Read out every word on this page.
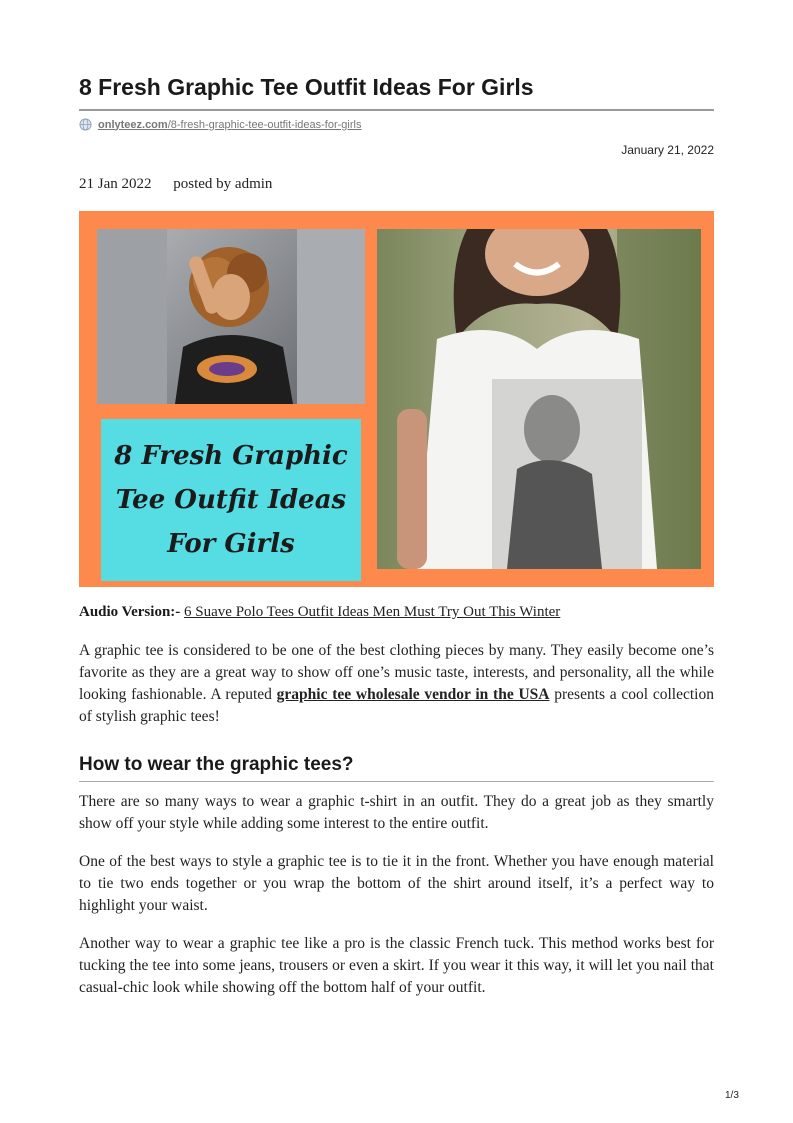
8 Fresh Graphic Tee Outfit Ideas For Girls
onlyteez.com/8-fresh-graphic-tee-outfit-ideas-for-girls
January 21, 2022
21 Jan 2022 posted by admin
8 Fresh Graphic
Tee Outfit Ideas
For Girls
Audio Version:- 6 Suave Polo Tees Outfit Ideas Men Must Try Out This Winter

A graphic tee is considered to be one of the best clothing pieces by many. They easily become one’s favorite as they are a great way to show off one’s music taste, interests, and personality, all the while looking fashionable. A reputed graphic tee wholesale vendor in the USA presents a cool collection of stylish graphic tees!

How to wear the graphic tees?

There are so many ways to wear a graphic t-shirt in an outfit. They do a great job as they smartly show off your style while adding some interest to the entire outfit.

One of the best ways to style a graphic tee is to tie it in the front. Whether you have enough material to tie two ends together or you wrap the bottom of the shirt around itself, it’s a perfect way to highlight your waist.

Another way to wear a graphic tee like a pro is the classic French tuck. This method works best for tucking the tee into some jeans, trousers or even a skirt. If you wear it this way, it will let you nail that casual-chic look while showing off the bottom half of your outfit.

1/3
